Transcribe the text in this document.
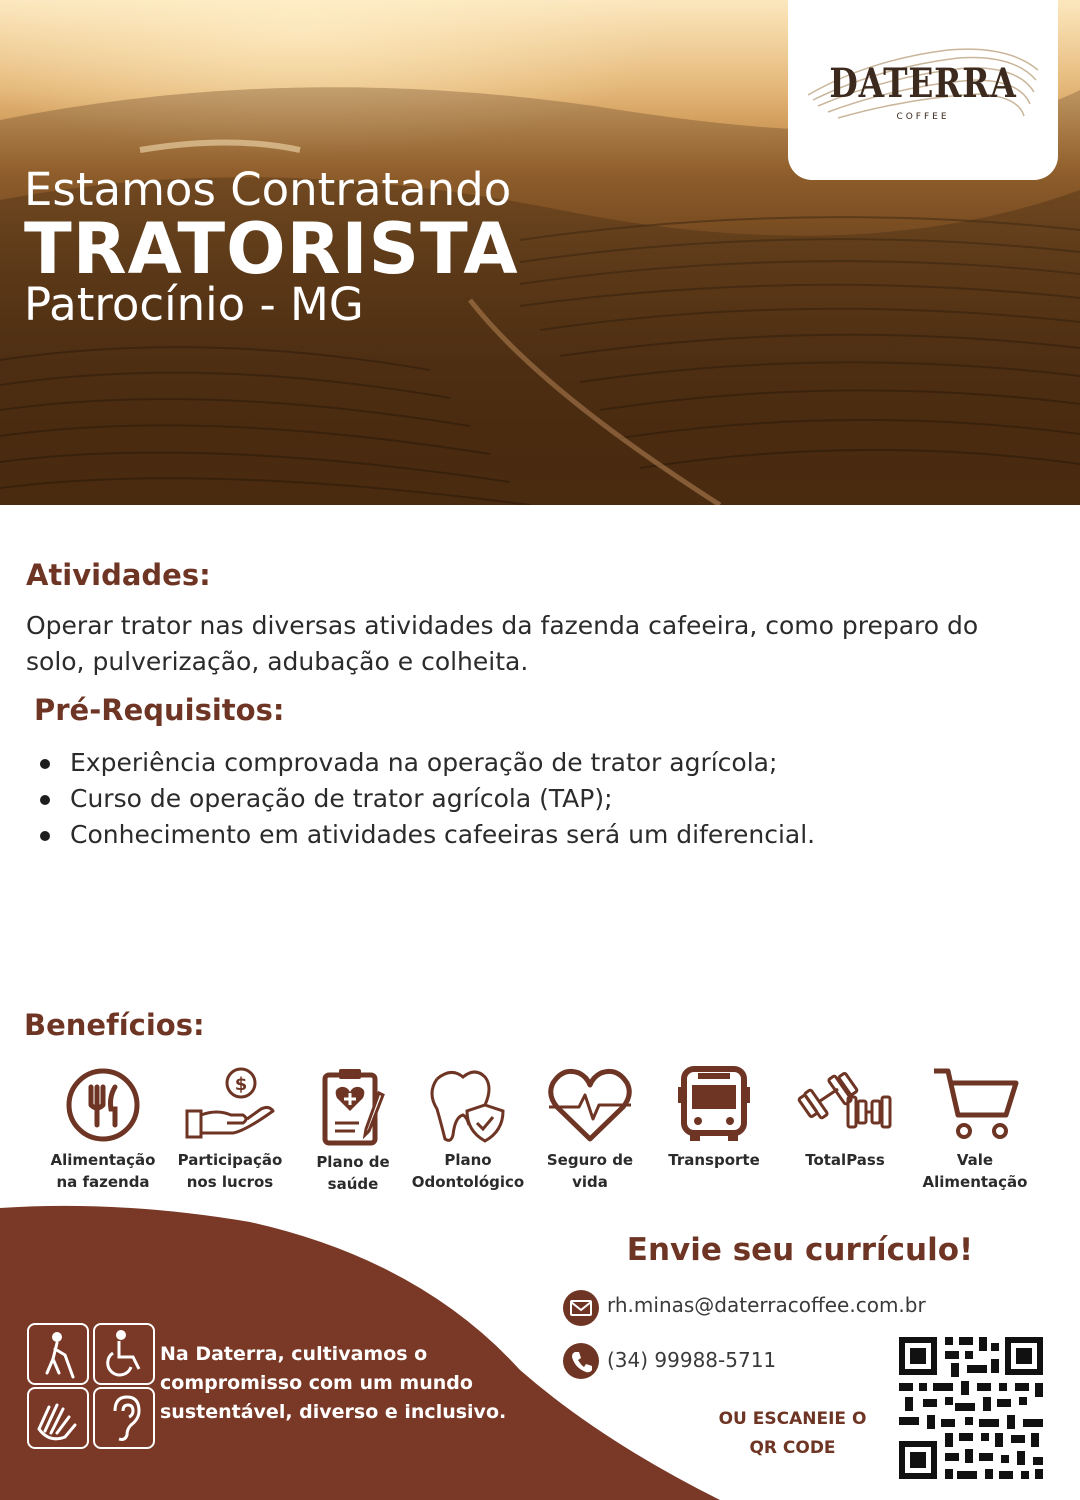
Estamos Contratando
TRATORISTA
Patrocínio - MG
DATERRA
COFFEE
Atividades:
Operar trator nas diversas atividades da fazenda cafeeira, como preparo do solo, pulverização, adubação e colheita.
Pré-Requisitos:
Experiência comprovada na operação de trator agrícola;
Curso de operação de trator agrícola (TAP);
Conhecimento em atividades cafeeiras será um diferencial.
Benefícios:
Alimentação
na fazenda
$
Participação
nos lucros
Plano de
saúde
Plano
Odontológico
Seguro de
vida
Transporte	TotalPass	Vale
Alimentação
Na Daterra, cultivamos o
compromisso com um mundo
sustentável, diverso e inclusivo.
Envie seu currículo!
rh.minas@daterracoffee.com.br
(34) 99988-5711
OU ESCANEIE O
QR CODE
